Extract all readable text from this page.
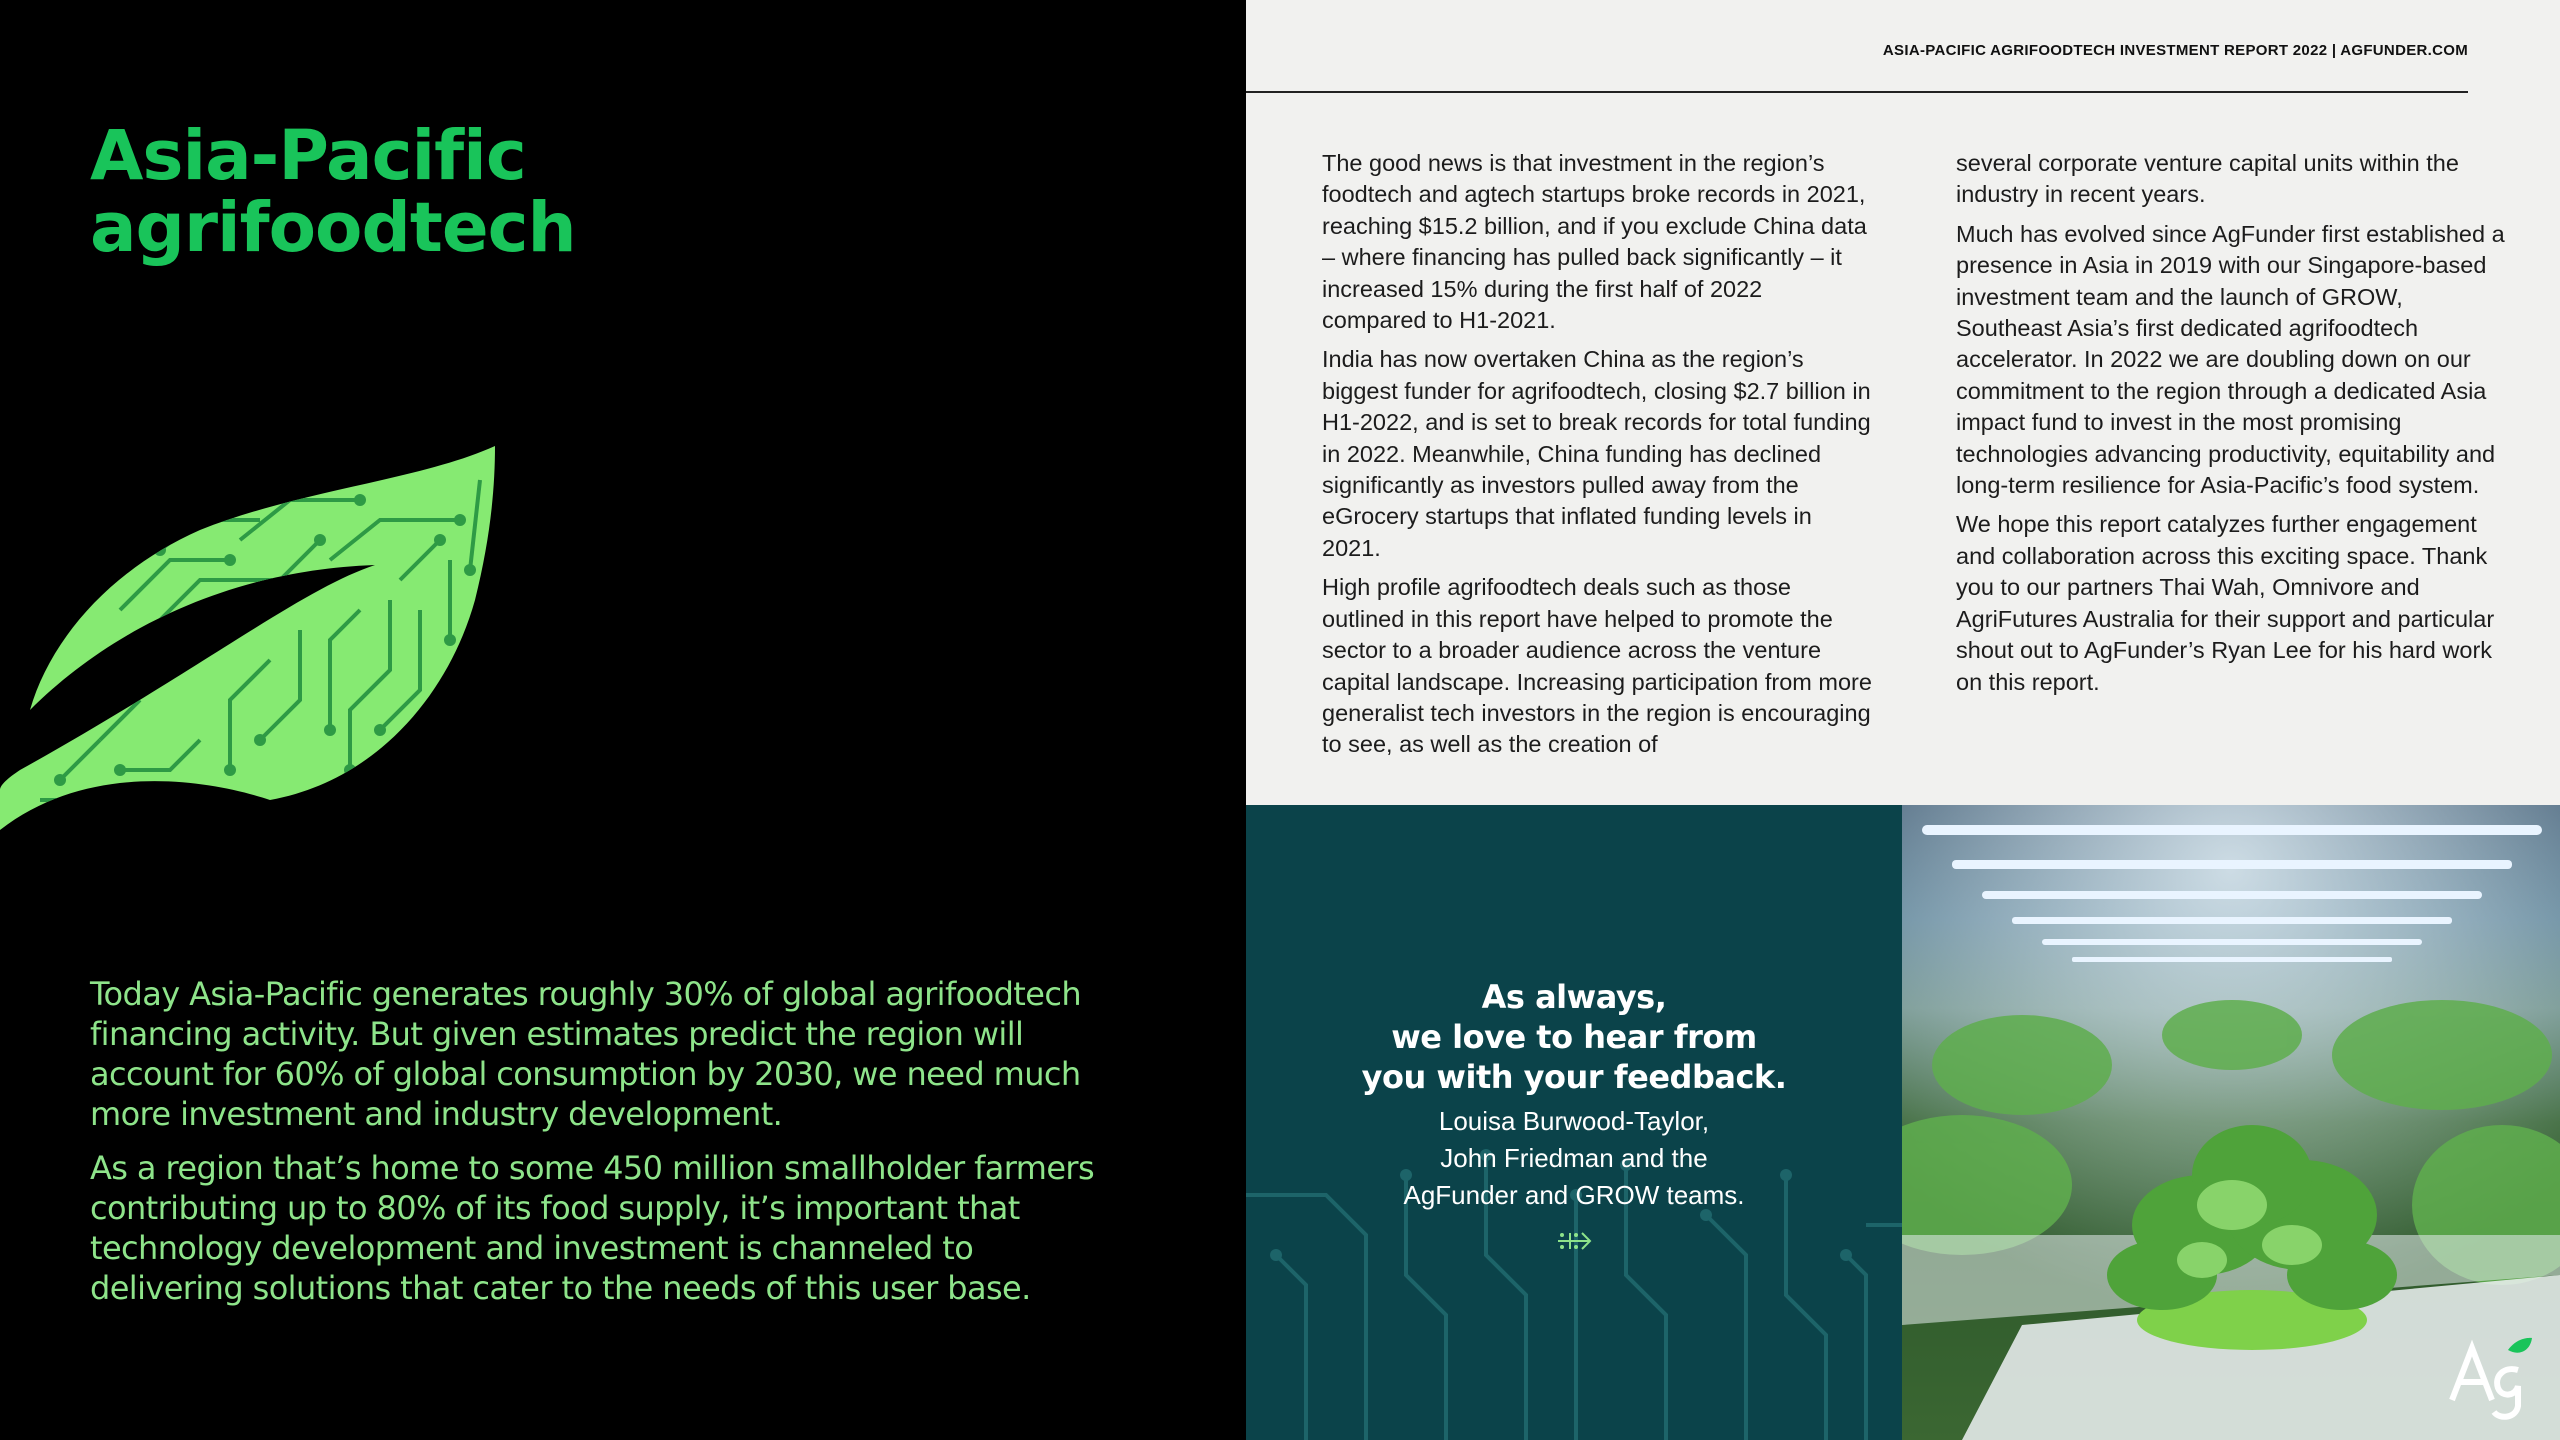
Asia-Pacific
agrifoodtech

Today Asia-Pacific generates roughly 30% of global agrifoodtech financing activity. But given estimates predict the region will account for 60% of global consumption by 2030, we need much more investment and industry development.

As a region that’s home to some 450 million smallholder farmers contributing up to 80% of its food supply, it’s important that technology development and investment is channeled to delivering solutions that cater to the needs of this user base.

ASIA-PACIFIC AGRIFOODTECH INVESTMENT REPORT 2022 | AGFUNDER.COM

The good news is that investment in the region’s foodtech and agtech startups broke records in 2021, reaching $15.2 billion, and if you exclude China data – where financing has pulled back significantly – it increased 15% during the first half of 2022 compared to H1-2021.

India has now overtaken China as the region’s biggest funder for agrifoodtech, closing $2.7 billion in H1-2022, and is set to break records for total funding in 2022. Meanwhile, China funding has declined significantly as investors pulled away from the eGrocery startups that inflated funding levels in 2021.

High profile agrifoodtech deals such as those outlined in this report have helped to promote the sector to a broader audience across the venture capital landscape. Increasing participation from more generalist tech investors in the region is encouraging to see, as well as the creation of

several corporate venture capital units within the industry in recent years.

Much has evolved since AgFunder first established a presence in Asia in 2019 with our Singapore-based investment team and the launch of GROW, Southeast Asia’s first dedicated agrifoodtech accelerator. In 2022 we are doubling down on our commitment to the region through a dedicated Asia impact fund to invest in the most promising technologies advancing productivity, equitability and long-term resilience for Asia-Pacific’s food system.

We hope this report catalyzes further engagement and collaboration across this exciting space. Thank you to our partners Thai Wah, Omnivore and AgriFutures Australia for their support and particular shout out to AgFunder’s Ryan Lee for his hard work on this report.

As always,
we love to hear from
you with your feedback.
Louisa Burwood-Taylor,
John Friedman and the
AgFunder and GROW teams.
